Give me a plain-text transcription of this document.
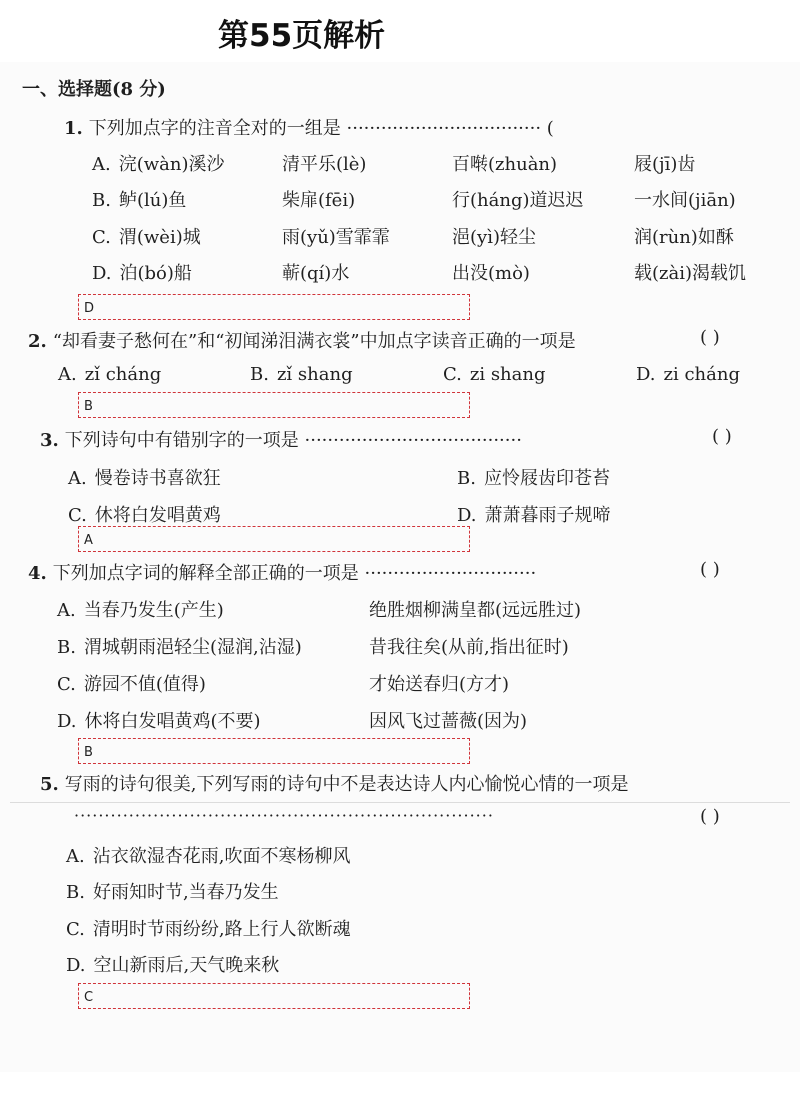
第55页解析
一、选择题(8 分)
1. 下列加点字的注音全对的一组是 ·································· (
A. 浣(wàn)溪沙	清平乐(lè)	百啭(zhuàn)	屐(jī)齿
B. 鲈(lú)鱼	柴扉(fēi)	行(háng)道迟迟	一水间(jiān)
C. 渭(wèi)城	雨(yǔ)雪霏霏	浥(yì)轻尘	润(rùn)如酥
D. 泊(bó)船	蕲(qí)水	出没(mò)	载(zài)渴载饥
D
2. “却看妻子愁何在”和“初闻涕泪满衣裳”中加点字读音正确的一项是	( )
A. zǐ cháng	B. zǐ shang	C. zi shang	D. zi cháng
B
3. 下列诗句中有错别字的一项是 ······································	( )
A. 慢卷诗书喜欲狂	B. 应怜屐齿印苍苔
C. 休将白发唱黄鸡	D. 萧萧暮雨子规啼
A
4. 下列加点字词的解释全部正确的一项是 ······························	( )
A. 当春乃发生(产生)	绝胜烟柳满皇都(远远胜过)
B. 渭城朝雨浥轻尘(湿润,沾湿)	昔我往矣(从前,指出征时)
C. 游园不值(值得)	才始送春归(方才)
D. 休将白发唱黄鸡(不要)	因风飞过蔷薇(因为)
B
5. 写雨的诗句很美,下列写雨的诗句中不是表达诗人内心愉悦心情的一项是
·····································································	( )
A. 沾衣欲湿杏花雨,吹面不寒杨柳风
B. 好雨知时节,当春乃发生
C. 清明时节雨纷纷,路上行人欲断魂
D. 空山新雨后,天气晚来秋
C
